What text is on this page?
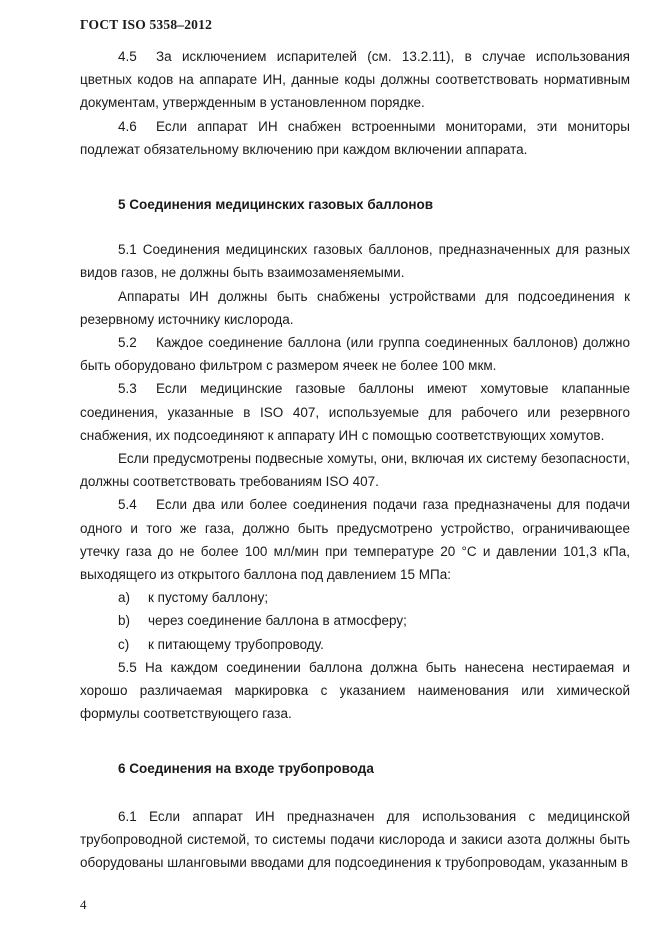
ГОСТ ISO 5358–2012

4.5 За исключением испарителей (см. 13.2.11), в случае использования цветных кодов на аппарате ИН, данные коды должны соответствовать нормативным документам, утвержденным в установленном порядке.

4.6 Если аппарат ИН снабжен встроенными мониторами, эти мониторы подлежат обязательному включению при каждом включении аппарата.

5 Соединения медицинских газовых баллонов

5.1 Соединения медицинских газовых баллонов, предназначенных для разных видов газов, не должны быть взаимозаменяемыми.

Аппараты ИН должны быть снабжены устройствами для подсоединения к резервному источнику кислорода.

5.2 Каждое соединение баллона (или группа соединенных баллонов) должно быть оборудовано фильтром с размером ячеек не более 100 мкм.

5.3 Если медицинские газовые баллоны имеют хомутовые клапанные соединения, указанные в ISO 407, используемые для рабочего или резервного снабжения, их подсоединяют к аппарату ИН с помощью соответствующих хомутов.

Если предусмотрены подвесные хомуты, они, включая их систему безопасности, должны соответствовать требованиям ISO 407.

5.4 Если два или более соединения подачи газа предназначены для подачи одного и того же газа, должно быть предусмотрено устройство, ограничивающее утечку газа до не более 100 мл/мин при температуре 20 °C и давлении 101,3 кПа, выходящего из открытого баллона под давлением 15 МПа:

a) к пустому баллону;

b) через соединение баллона в атмосферу;

c) к питающему трубопроводу.

5.5 На каждом соединении баллона должна быть нанесена нестираемая и хорошо различаемая маркировка с указанием наименования или химической формулы соответствующего газа.

6 Соединения на входе трубопровода

6.1 Если аппарат ИН предназначен для использования с медицинской трубопроводной системой, то системы подачи кислорода и закиси азота должны быть оборудованы шланговыми вводами для подсоединения к трубопроводам, указанным в

4
